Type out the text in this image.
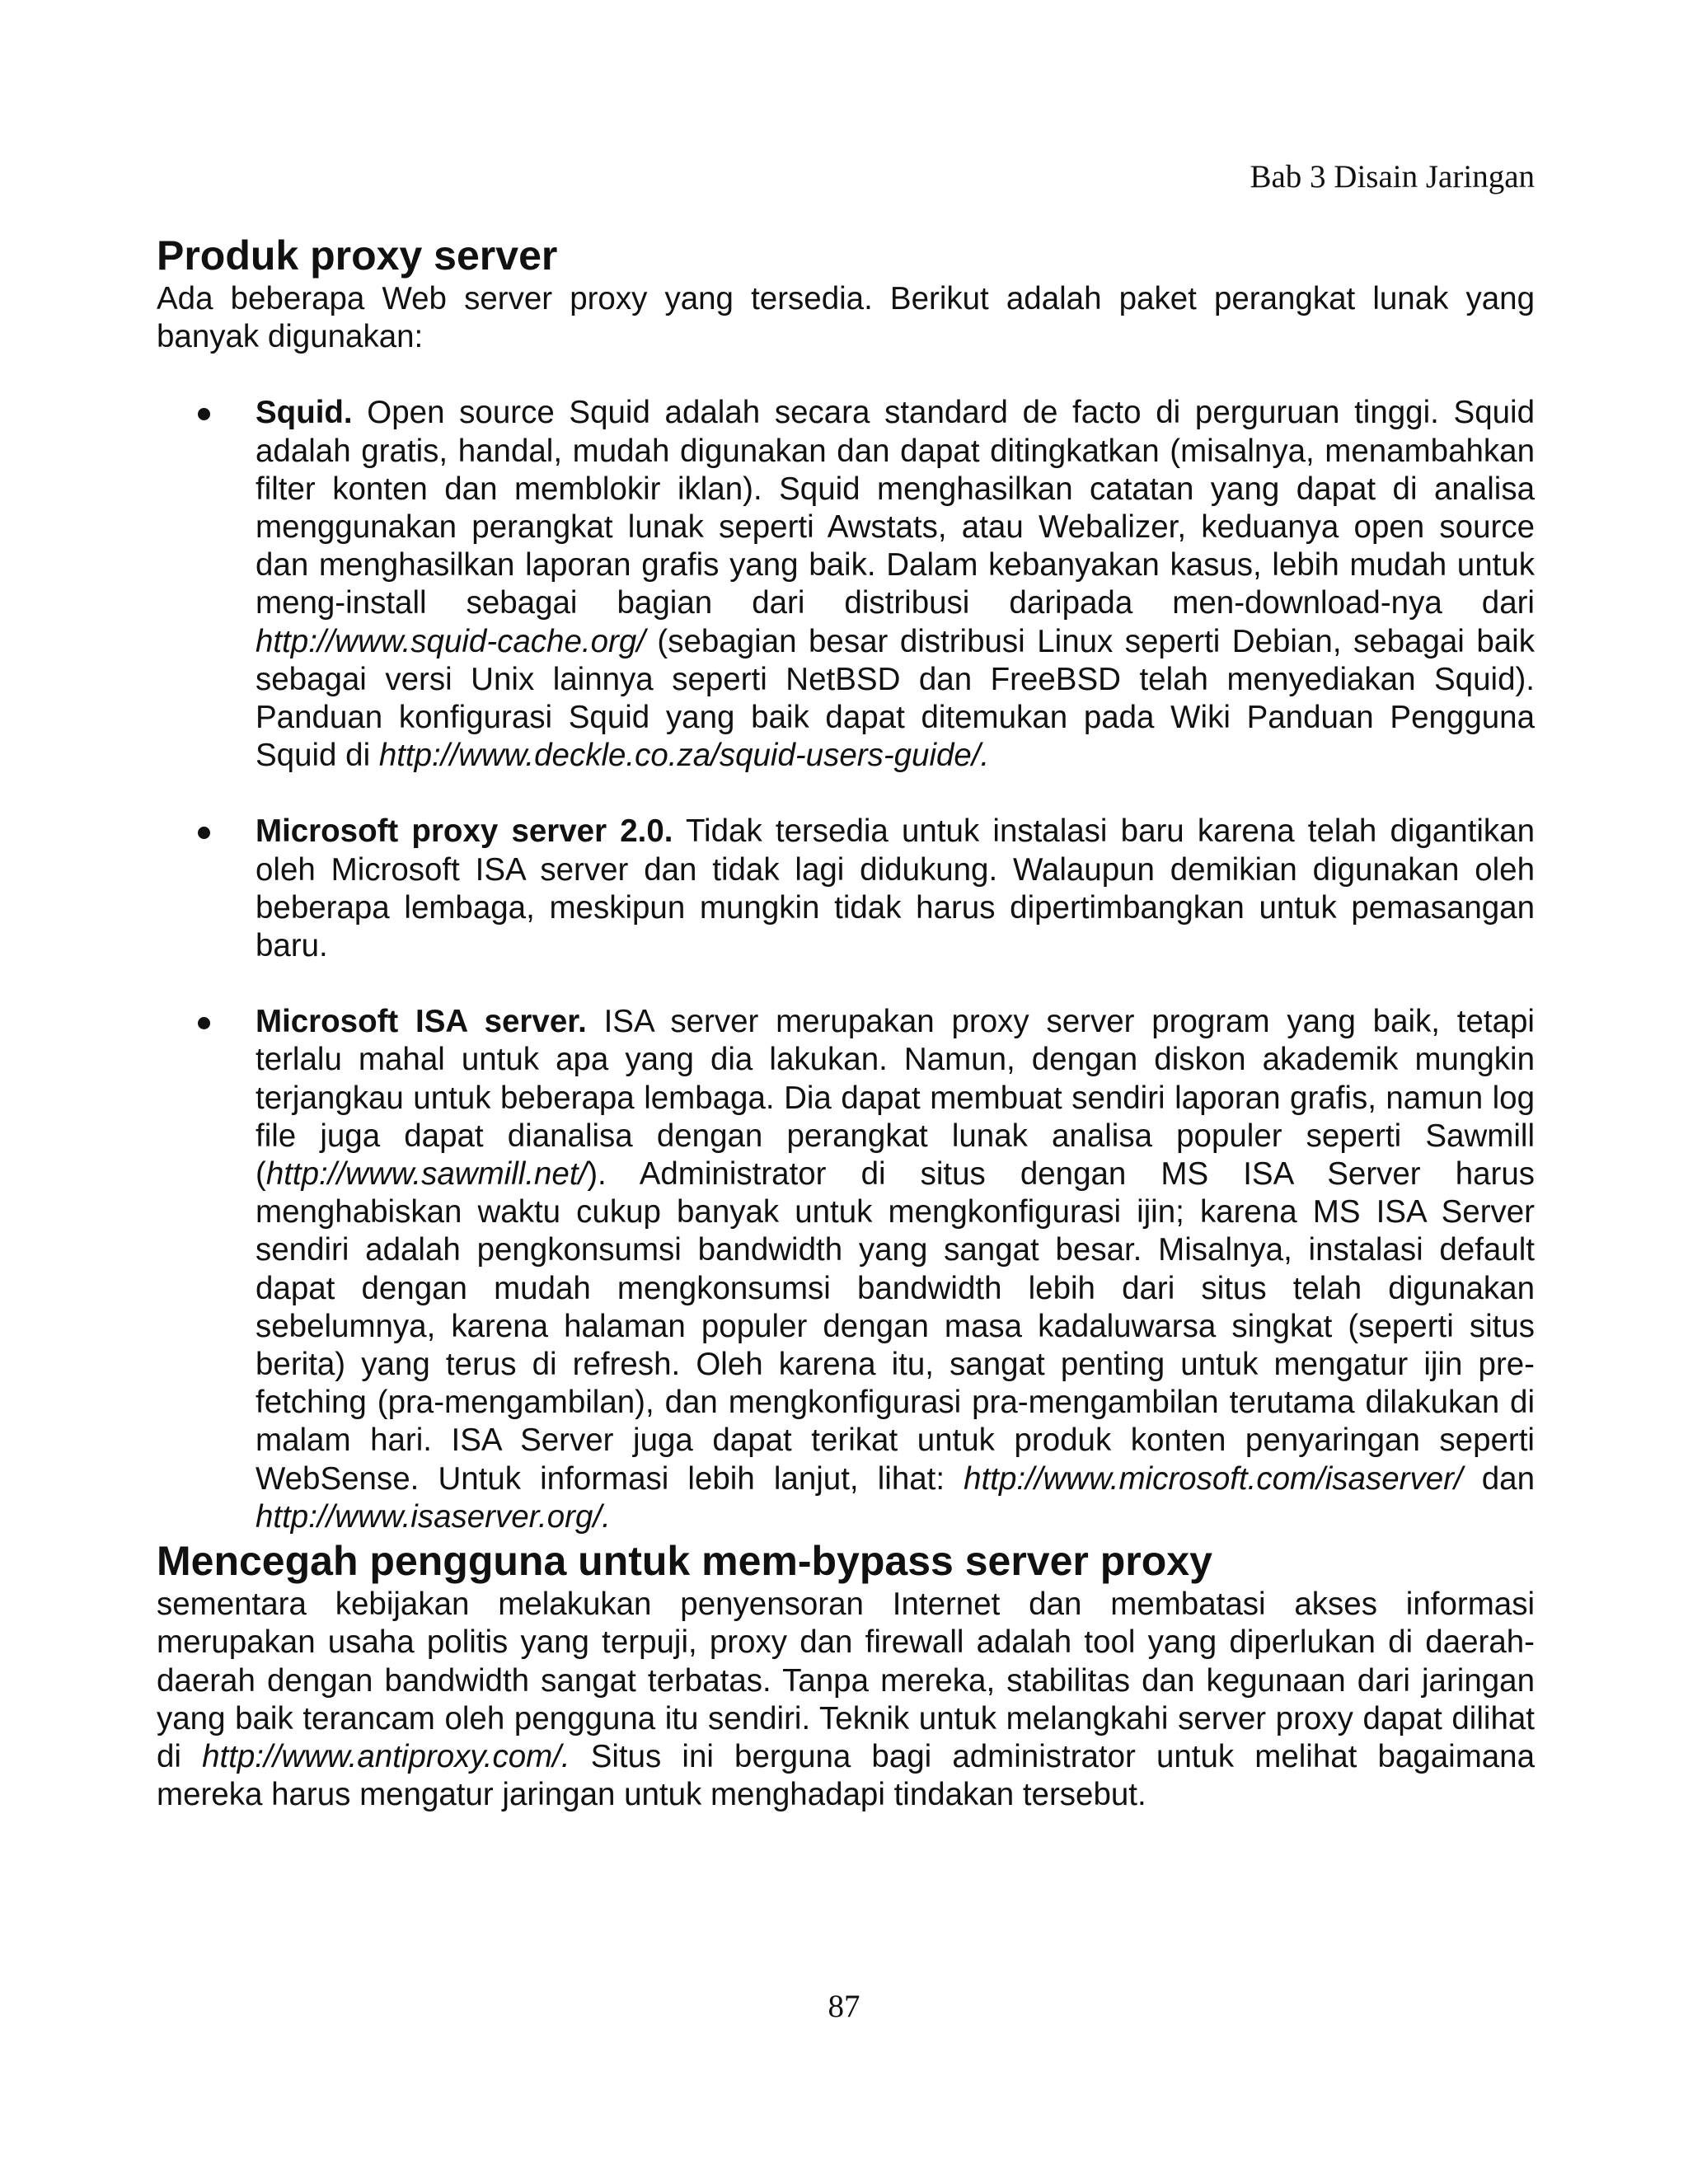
Bab 3 Disain Jaringan
Produk proxy server

Ada beberapa Web server proxy yang tersedia. Berikut adalah paket perangkat lunak yang banyak digunakan:

Squid. Open source Squid adalah secara standard de facto di perguruan tinggi. Squid adalah gratis, handal, mudah digunakan dan dapat ditingkatkan (misalnya, menambahkan filter konten dan memblokir iklan). Squid menghasilkan catatan yang dapat di analisa menggunakan perangkat lunak seperti Awstats, atau Webalizer, keduanya open source dan menghasilkan laporan grafis yang baik. Dalam kebanyakan kasus, lebih mudah untuk meng-install sebagai bagian dari distribusi daripada men-download-nya dari http://www.squid-cache.org/ (sebagian besar distribusi Linux seperti Debian, sebagai baik sebagai versi Unix lainnya seperti NetBSD dan FreeBSD telah menyediakan Squid). Panduan konfigurasi Squid yang baik dapat ditemukan pada Wiki Panduan Pengguna Squid di http://www.deckle.co.za/squid-users-guide/.
Microsoft proxy server 2.0. Tidak tersedia untuk instalasi baru karena telah digantikan oleh Microsoft ISA server dan tidak lagi didukung. Walaupun demikian digunakan oleh beberapa lembaga, meskipun mungkin tidak harus dipertimbangkan untuk pemasangan baru.
Microsoft ISA server. ISA server merupakan proxy server program yang baik, tetapi terlalu mahal untuk apa yang dia lakukan. Namun, dengan diskon akademik mungkin terjangkau untuk beberapa lembaga. Dia dapat membuat sendiri laporan grafis, namun log file juga dapat dianalisa dengan perangkat lunak analisa populer seperti Sawmill (http://www.sawmill.net/). Administrator di situs dengan MS ISA Server harus menghabiskan waktu cukup banyak untuk mengkonfigurasi ijin; karena MS ISA Server sendiri adalah pengkonsumsi bandwidth yang sangat besar. Misalnya, instalasi default dapat dengan mudah mengkonsumsi bandwidth lebih dari situs telah digunakan sebelumnya, karena halaman populer dengan masa kadaluwarsa singkat (seperti situs berita) yang terus di refresh. Oleh karena itu, sangat penting untuk mengatur ijin pre-fetching (pra-mengambilan), dan mengkonfigurasi pra-mengambilan terutama dilakukan di malam hari. ISA Server juga dapat terikat untuk produk konten penyaringan seperti WebSense. Untuk informasi lebih lanjut, lihat: http://www.microsoft.com/isaserver/ dan http://www.isaserver.org/.
Mencegah pengguna untuk mem-bypass server proxy

sementara kebijakan melakukan penyensoran Internet dan membatasi akses informasi merupakan usaha politis yang terpuji, proxy dan firewall adalah tool yang diperlukan di daerah-daerah dengan bandwidth sangat terbatas. Tanpa mereka, stabilitas dan kegunaan dari jaringan yang baik terancam oleh pengguna itu sendiri. Teknik untuk melangkahi server proxy dapat dilihat di http://www.antiproxy.com/. Situs ini berguna bagi administrator untuk melihat bagaimana mereka harus mengatur jaringan untuk menghadapi tindakan tersebut.

87
